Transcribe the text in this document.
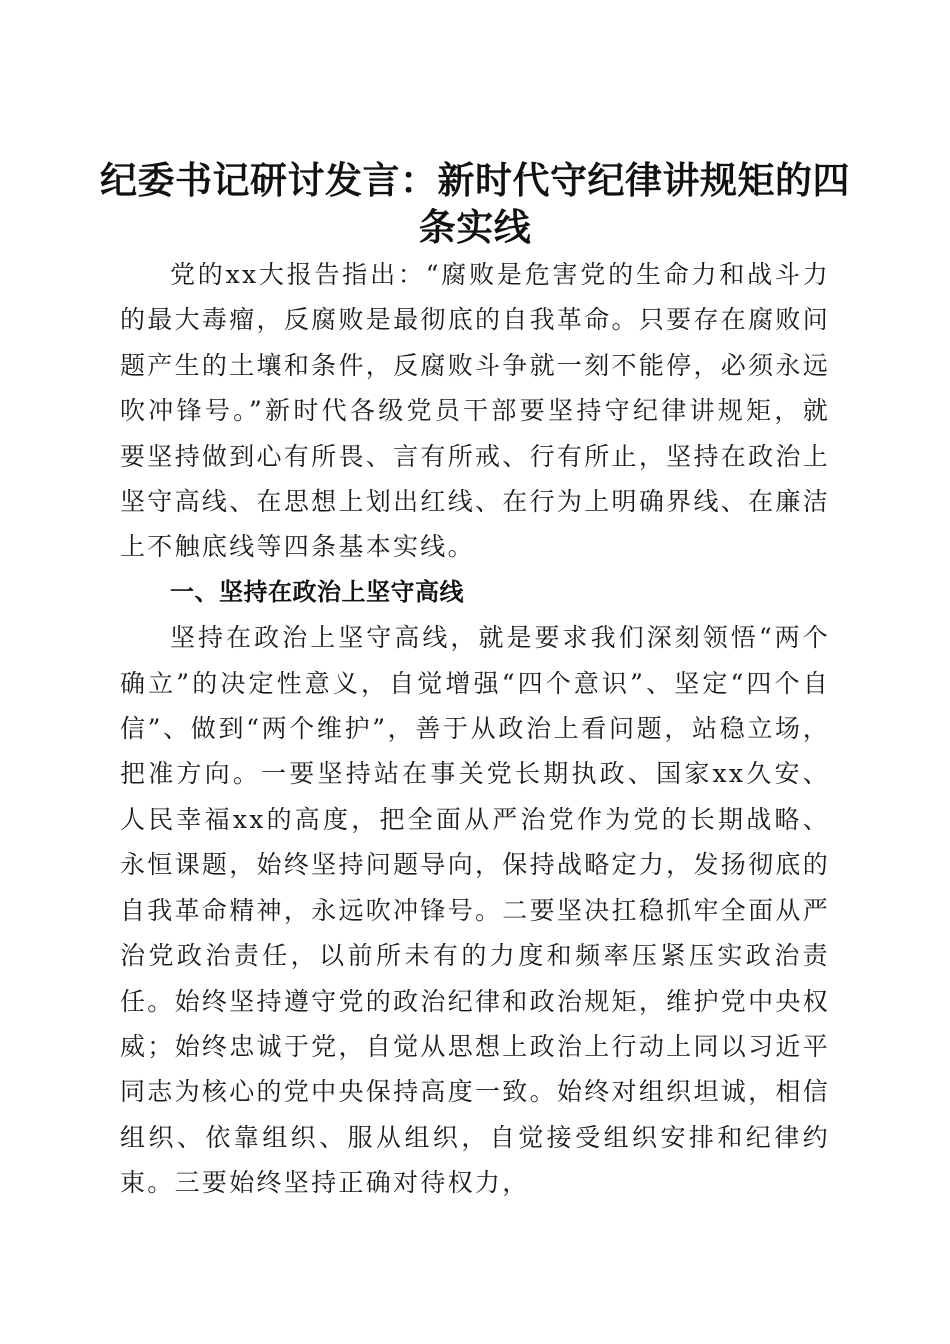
纪委书记研讨发言：新时代守纪律讲规矩的四条实线

党的xx大报告指出：“腐败是危害党的生命力和战斗力的最大毒瘤，反腐败是最彻底的自我革命。只要存在腐败问题产生的土壤和条件，反腐败斗争就一刻不能停，必须永远吹冲锋号。”新时代各级党员干部要坚持守纪律讲规矩，就要坚持做到心有所畏、言有所戒、行有所止，坚持在政治上坚守高线、在思想上划出红线、在行为上明确界线、在廉洁上不触底线等四条基本实线。

一、坚持在政治上坚守高线

坚持在政治上坚守高线，就是要求我们深刻领悟“两个确立”的决定性意义，自觉增强“四个意识”、坚定“四个自信”、做到“两个维护”，善于从政治上看问题，站稳立场，把准方向。一要坚持站在事关党长期执政、国家xx久安、人民幸福xx的高度，把全面从严治党作为党的长期战略、永恒课题，始终坚持问题导向，保持战略定力，发扬彻底的自我革命精神，永远吹冲锋号。二要坚决扛稳抓牢全面从严治党政治责任，以前所未有的力度和频率压紧压实政治责任。始终坚持遵守党的政治纪律和政治规矩，维护党中央权威；始终忠诚于党，自觉从思想上政治上行动上同以习近平同志为核心的党中央保持高度一致。始终对组织坦诚，相信组织、依靠组织、服从组织，自觉接受组织安排和纪律约束。三要始终坚持正确对待权力，
